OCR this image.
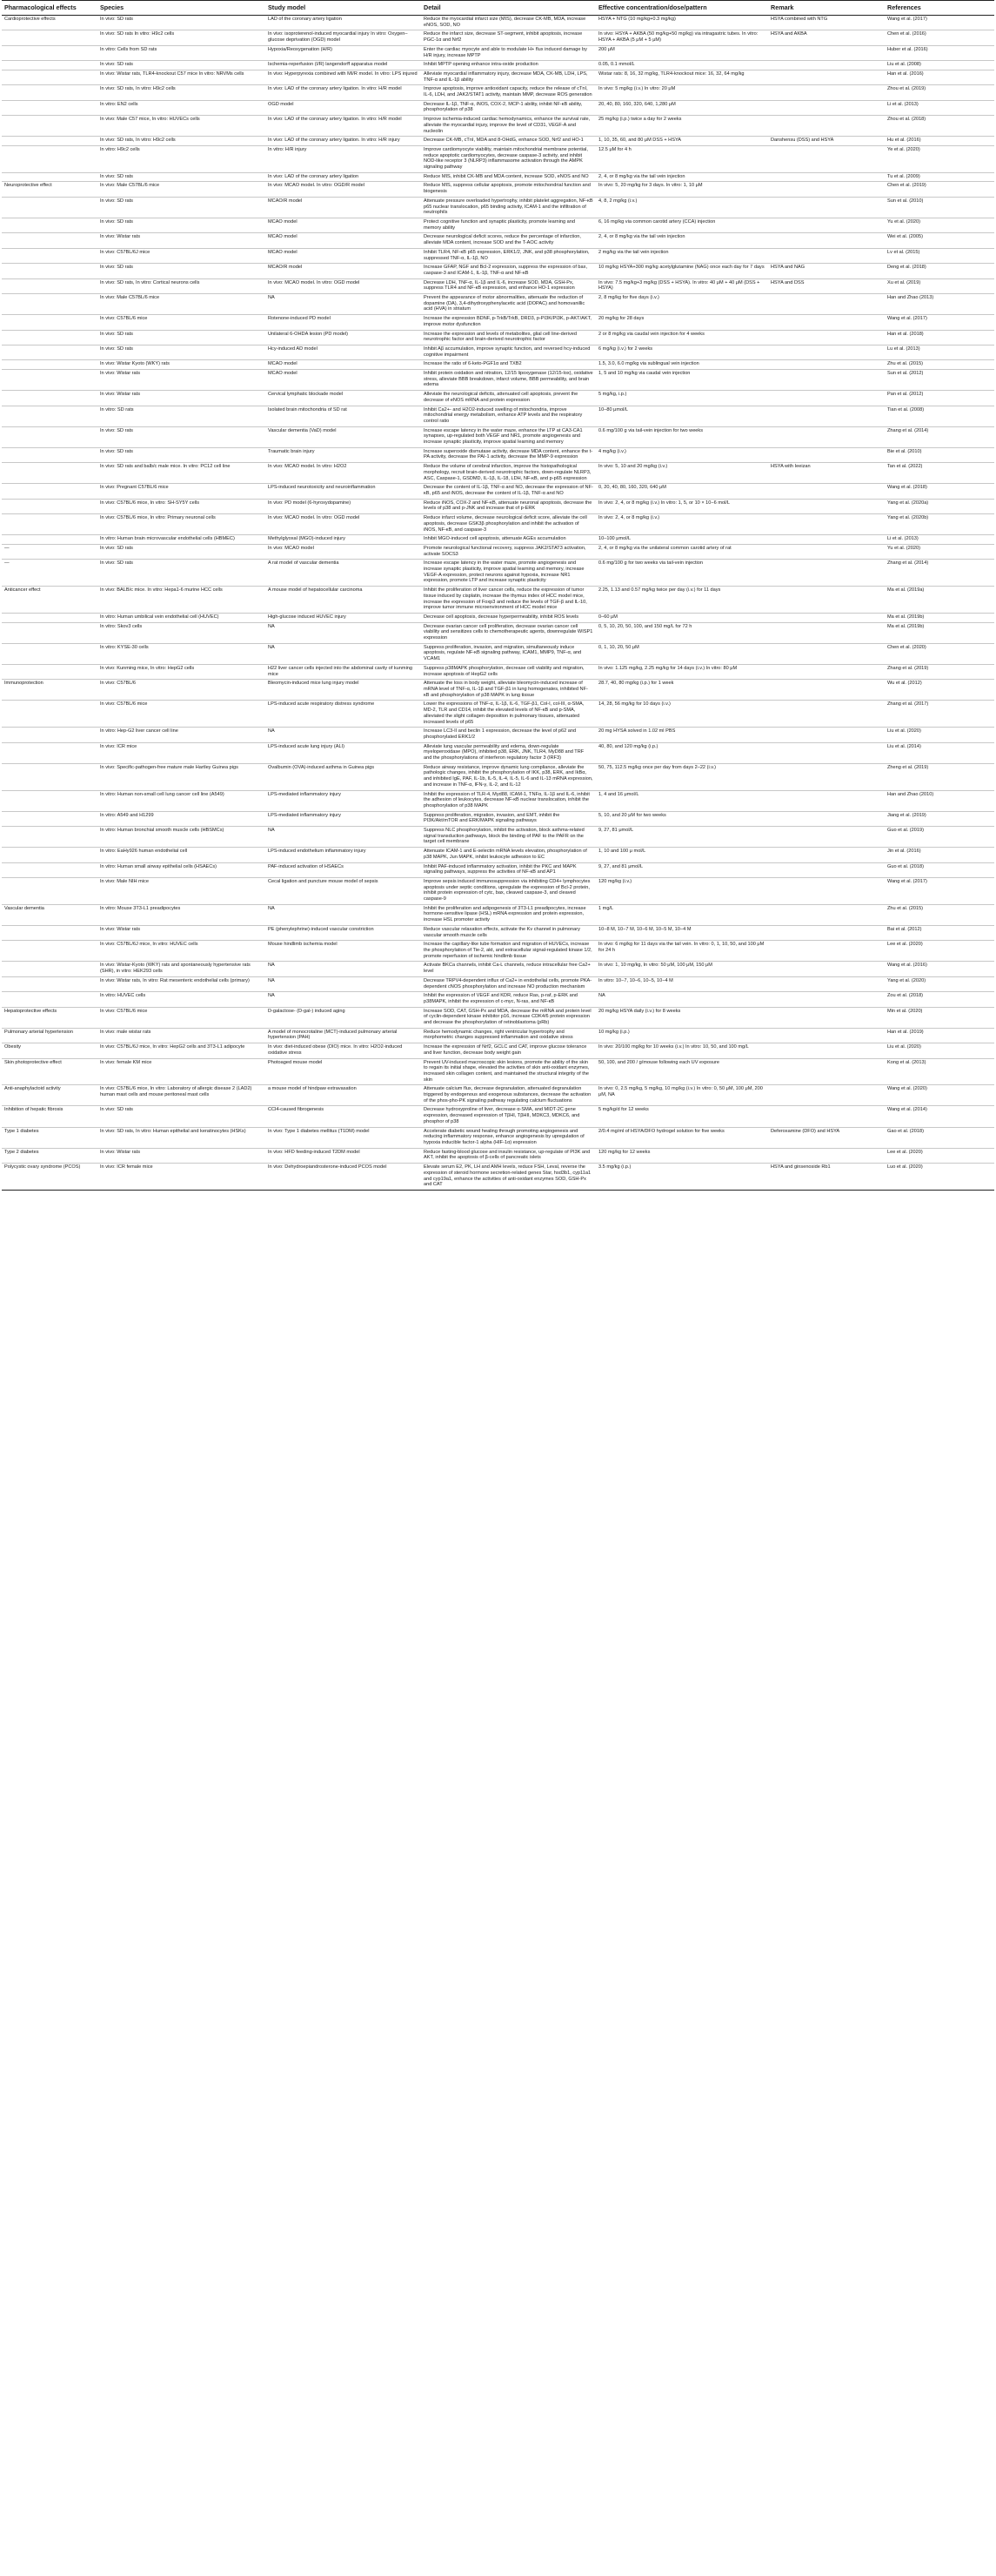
Pharmacological effects	Species	Study model	Detail	Effective concentration/dose/pattern	Remark	References
Cardioprotective effects	In vivo: SD rats	LAD of the coronary artery ligation	Reduce the myocardial infarct size (MIS), decrease CK-MB, MDA, increase eNOS, SOD, NO	HSYA + NTG (10 mg/kg+0.3 mg/kg)	HSYA combined with NTG	Wang et al. (2017)
	In vivo: SD rats In vitro: H9c2 cells	In vivo: isoproterenol-induced myocardial injury In vitro: Oxygen–glucose deprivation (OGD) model	Reduce the infarct size, decrease ST-segment, inhibit apoptosis, increase PGC-1α and Nrf2	In vivo: HSYA + AKBA (50 mg/kg+50 mg/kg) via intragastric tubes. In vitro: HSYA + AKBA (5 μM + 5 μM)	HSYA and AKBA	Chen et al. (2016)
	In vitro: Cells from SD rats	Hypoxia/Reoxygenation (H/R)	Enter the cardiac myocyte and able to modulate H+ flux induced damage by H/R injury, increase MPTP	200 μM		Huber et al. (2016)
	In vivo: SD rats	Ischemia-reperfusion (I/R) langendorff apparatus model	Inhibit MPTP opening enhance intra-oxide production	0.05, 0.1 mmol/L		Liu et al. (2008)
	In vivo: Wistar rats, TLR4-knockout C57 mice In vitro: NRVMs cells	In vivo: Hyperpyrexia combined with MI/R model. In vitro: LPS injured	Alleviate myocardial inflammatory injury, decrease MDA, CK-MB, LDH, LPS, TNF-α and IL-1β ability	Wistar rats: 8, 16, 32 mg/kg, TLR4-knockout mice: 16, 32, 64 mg/kg		Han et al. (2016)
	In vivo: SD rats, In vitro: H9c2 cells	In vivo: LAD of the coronary artery ligation. In vitro: H/R model	Improve apoptosis, improve antioxidant capacity, reduce the release of cTnI, IL-6, LDH, and JAK2/STAT1 activity, maintain MMP, decrease ROS generation	In vivo: 5 mg/kg (i.v.) In vitro: 20 μM		Zhou et al. (2019)
	In vitro: EN2 cells	OGD model	Decrease IL-1β, TNF-α, iNOS, COX-2, MCP-1 ability, inhibit NF-κB ability, phosphorylation of p38	20, 40, 80, 160, 320, 640, 1,280 μM		Li et al. (2013)
	In vivo: Male C57 mice, In vitro: HUVECs cells	In vivo: LAD of the coronary artery ligation. In vitro: H/R model	Improve ischemia-induced cardiac hemodynamics, enhance the survival rate, alleviate the myocardial injury, improve the level of CD31, VEGF-A and nucleolin	25 mg/kg (i.p.) twice a day for 2 weeks		Zhou et al. (2018)
	In vivo: SD rats, In vitro: H9c2 cells	In vivo: LAD of the coronary artery ligation. In vitro: H/R injury	Decrease CK-MB, cTnI, MDA and 8-OHdG, enhance SOD, Nrf2 and HO-1	1, 10, 35, 60, and 80 μM DSS + HSYA	Danshensu (DSS) and HSYA	Hu et al. (2016)
	In vitro: H9c2 cells	In vitro: H/R injury	Improve cardiomyocyte viability, maintain mitochondrial membrane potential, reduce apoptotic cardiomyocytes, decrease caspase-3 activity, and inhibit NOD-like receptor 3 (NLRP3) inflammasome activation through the AMPK signaling pathway	12.5 μM for 4 h		Ye et al. (2020)
	In vivo: SD rats	In vivo: LAD of the coronary artery ligation	Reduce MIS, inhibit CK-MB and MDA content, increase SOD, eNOS and NO	2, 4, or 8 mg/kg via the tail vein injection		Tu et al. (2009)
Neuroprotective effect	In vivo: Male C57BL/6 mice	In vivo: MCAO model. In vitro: OGD/R model	Reduce MIS, suppress cellular apoptosis, promote mitochondrial function and biogenesis	In vivo: 5, 20 mg/kg for 3 days. In vitro: 1, 10 μM		Chen et al. (2019)
	In vivo: SD rats	MCAO/R model	Attenuate pressure overloaded hypertrophy, inhibit platelet aggregation, NF-κB p65 nuclear translocation, p65 binding activity, ICAM-1 and the infiltration of neutrophils	4, 8, 2 mg/kg (i.v.)		Sun et al. (2010)
	In vivo: SD rats	MCAO model	Protect cognitive function and synaptic plasticity, promote learning and memory ability	6, 16 mg/kg via common carotid artery (CCA) injection		Yu et al. (2020)
	In vivo: Wistar rats	MCAO model	Decrease neurological deficit scores, reduce the percentage of infarction, alleviate MDA content, increase SOD and the T-AOC activity	2, 4, or 8 mg/kg via the tail vein injection		Wei et al. (2005)
	In vivo: C57BL/6J mice	MCAO model	Inhibit TLR4, NF-κB p65 expression, ERK1/2, JNK, and p38 phosphorylation, suppressed TNF-α, IL-1β, NO	2 mg/kg via the tail vein injection		Lv et al. (2015)
	In vivo: SD rats	MCAO/R model	Increase GFAP, NGF and Bcl-2 expression, suppress the expression of bax, caspase-3 and ICAM-1, IL-1β, TNF-α and NF-κB	10 mg/kg HSYA+300 mg/kg acetylglutamine (NAG) once each day for 7 days	HSYA and NAG	Deng et al. (2018)
	In vivo: SD rats, In vitro: Cortical neurons cells	In vivo: MCAO model. In vitro: OGD model	Decrease LDH, TNF-α, IL-1β and IL-6, increase SOD, MDA, GSH-Px, suppress TLR4 and NF-κB expression, and enhance HO-1 expression	In vivo: 7.5 mg/kg+3 mg/kg (DSS + HSYA). In vitro: 40 μM + 40 μM (DSS + HSYA)	HSYA and DSS	Xu et al. (2019)
	In vivo: Male C57BL/6 mice	NA	Prevent the appearance of motor abnormalities, attenuate the reduction of dopamine (DA), 3,4-dihydroxyphenylacetic acid (DOPAC) and homovanillic acid (HVA) in striatum	2, 8 mg/kg for five days (i.v.)		Han and Zhao (2013)
	In vivo: C57BL/6 mice	Rotenone-induced PD model	Increase the expression BDNF, p-TrkB/TrkB, DRD3, p-PI3K/PI3K, p-AKT/AKT, improve motor dysfunction	20 mg/kg for 28 days		Wang et al. (2017)
	In vivo: SD rats	Unilateral 6-OHDA lesion (PD model)	Increase the expression and levels of metabolites, glial cell line-derived neurotrophic factor and brain-derived neurotrophic factor	2 or 8 mg/kg via caudal vein injection for 4 weeks		Han et al. (2018)
	In vivo: SD rats	Hcy-induced AD model	Inhibit Aβ accumulation, improve synaptic function, and reversed hcy-induced cognitive impairment	6 mg/kg (i.v.) for 2 weeks		Lu et al. (2013)
	In vivo: Wistar Kyoto (WKY) rats	MCAO model	Increase the ratio of 6-keto-PGF1α and TXB2	1.5, 3.0, 6.0 mg/kg via sublingual vein injection		Zhu et al. (2015)
	In vivo: Wistar rats	MCAO model	Inhibit protein oxidation and nitration, 12/15 lipoxygenase (12/15-lox), oxidative stress, alleviate BBB breakdown, infarct volume, BBB permeability, and brain edema	1, 5 and 10 mg/kg via caudal vein injection		Sun et al. (2012)
	In vivo: Wistar rats	Cervical lymphatic blockade model	Alleviate the neurological deficits, attenuated cell apoptosis, prevent the decrease of eNOS mRNA and protein expression	5 mg/kg, i.p.)		Pan et al. (2012)
	In vitro: SD rats	Isolated brain mitochondria of SD rat	Inhibit Ca2+- and H2O2-induced swelling of mitochondria, improve mitochondrial energy metabolism, enhance ATP levels and the respiratory control ratio	10–80 μmol/L		Tian et al. (2008)
	In vivo: SD rats	Vascular dementia (VaD) model	Increase escape latency in the water maze, enhance the LTP at CA3-CA1 synapses, up-regulated both VEGF and NR1, promote angiogenesis and increase synaptic plasticity, improve spatial learning and memory	0.6 mg/100 g via tail-vein injection for two weeks		Zhang et al. (2014)
	In vivo: SD rats	Traumatic brain injury	Increase superoxide dismutase activity, decrease MDA content, enhance the t-PA activity, decrease the PAI-1 activity, decrease the MMP-9 expression	4 mg/kg (i.v.)		Bie et al. (2010)
	In vivo: SD rats and balb/c male mice. In vitro: PC12 cell line	In vivo: MCAO model. In vitro: H2O2	Reduce the volume of cerebral infarction, improve the histopathological morphology, recruit brain-derived neurotrophic factors, down-regulate NLRP3, ASC, Caspase-1, GSDMD, IL-1β, IL-18, LDH, NF-κB, and p-p65 expression	In vivo: 5, 10 and 20 mg/kg (i.v.)	HSYA with Ieeizan	Tan et al. (2022)
	In vivo: Pregnant C57BL/6 mice	LPS-induced neurotoxicity and neuroinflammation	Decrease the content of IL-1β, TNF-α and NO, decrease the expression of NF-κB, p65 and iNOS, decrease the content of IL-1β, TNF-α and NO	0, 20, 40, 80, 160, 320, 640 μM		Wang et al. (2018)
	In vivo: C57BL/6 mice, In vitro: SH-SY5Y cells	In vivo: PD model (6-hyroxydopamine)	Reduce iNOS, COX-2 and NF-κB, attenuate neuronal apoptosis, decrease the levels of p38 and p-JNK and increase that of p-ERK	In vivo: 2, 4, or 8 mg/kg (i.v.) In vitro: 1, 5, or 10 × 10−6 mol/L		Yang et al. (2020a)
	In vivo: C57BL/6 mice, In vitro: Primary neuronal cells	In vivo: MCAO model. In vitro: OGD model	Reduce infarct volume, decrease neurological deficit score, alleviate the cell apoptosis, decrease GSK3β phosphorylation and inhibit the activation of iNOS, NF-κB, and caspase-3	In vivo: 2, 4, or 8 mg/kg (i.v.)		Yang et al. (2020b)
	In vitro: Human brain microvascular endothelial cells (HBMEC)	Methylglyoxal (MGO)-induced injury	Inhibit MGO-induced cell apoptosis, attenuate AGEs accumulation	10–100 μmol/L		Li et al. (2013)
—	In vivo: SD rats	In vivo: MCAO model	Promote neurological functional recovery, suppress JAK2/STAT3 activation, activate SOCS3	2, 4, or 8 mg/kg via the unilateral common carotid artery of rat		Yu et al. (2020)
—	In vivo: SD rats	A rat model of vascular dementia	Increase escape latency in the water maze, promote angiogenesis and increase synaptic plasticity, improve spatial learning and memory, increase VEGF-A expression, protect neurons against hypoxia, increase NR1 expression, promote LTP and increase synaptic plasticity	0.6 mg/100 g for two weeks via tail-vein injection		Zhang et al. (2014)
Anticancer effect	In vivo: BALB/c mice. In vitro: Hepa1-6 murine HCC cells	A mouse model of hepatocellular carcinoma	Inhibit the proliferation of liver cancer cells, reduce the expression of tumor tissue induced by cisplatin, increase the thymus index of HCC model mice, increase the expression of Foxp3 and reduce the levels of TGF-β and IL-10, improve tumor immune microenvironment of HCC model mice	2.25, 1.13 and 0.57 mg/kg twice per day (i.v.) for 11 days		Ma et al. (2019a)
	In vitro: Human umbilical vein endothelial cell (HUVEC)	High-glucose induced HUVEC injury	Decrease cell apoptosis, decrease hyperpermeability, inhibit ROS levels	0–60 μM		Ma et al. (2019b)
	In vitro: Skov3 cells	NA	Decrease ovarian cancer cell proliferation, decrease ovarian cancer cell viability and sensitizes cells to chemotherapeutic agents, downregulate WISP1 expression	0, 5, 10, 20, 50, 100, and 150 mg/L for 72 h		Ma et al. (2019b)
	In vitro: KYSE-30 cells	NA	Suppress proliferation, invasion, and migration, simultaneously induce apoptosis, regulate NF-κB signaling pathway, ICAM1, MMP9, TNF-α, and VCAM1	0, 1, 10, 20, 50 μM		Chen et al. (2020)
	In vivo: Kunming mice, In vitro: HepG2 cells	H22 liver cancer cells injected into the abdominal cavity of kunming mice	Suppress p38MAPK phosphorylation, decrease cell viability and migration, increase apoptosis of HepG2 cells	In vivo: 1.125 mg/kg, 2.25 mg/kg for 14 days (i.v.) In vitro: 80 μM		Zhang et al. (2019)
Immunoprotection	In vivo: C57BL/6	Bleomycin-induced mice lung injury model	Attenuate the loss in body weight, alleviate bleomycin-induced increase of mRNA level of TNF-α, IL-1β and TGF-β1 in lung homogenates, inhibited NF-κB and phosphorylation of p38 MAPK in lung tissue	28.7, 40, 80 mg/kg (i.p.) for 1 week		Wu et al. (2012)
	In vivo: C57BL/6 mice	LPS-induced acute respiratory distress syndrome	Lower the expressions of TNF-α, IL-1β, IL-6, TGF-β1, Col-I, col-III, α-SMA, MD-2, TLR and CD14, inhibit the elevated levels of NF-κB and p-SMA, alleviated the slight collagen deposition in pulmonary tissues, attenuated increased levels of p65	14, 28, 56 mg/kg for 10 days (i.v.)		Zhang et al. (2017)
	In vitro: Hep-G2 liver cancer cell line	NA	Increase LC3-II and beclin 1 expression, decrease the level of p62 and phosphorylated ERK1/2	20 mg HYSA solved in 1.02 ml PBS		Liu et al. (2020)
	In vivo: ICR mice	LPS-induced acute lung injury (ALI)	Alleviate lung vascular permeability and edema, down-regulate myeloperoxidase (MPO), inhibited p38, ERK, JNK, TLR4, MyD88 and TRF and the phosphorylations of interferon regulatory factor 3 (IRF3)	40, 80, and 120 mg/kg (i.p.)		Liu et al. (2014)
	In vivo: Specific-pathogen-free mature male Hartley Guinea pigs	Ovalbumin (OVA)-induced asthma in Guinea pigs	Reduce airway resistance, improve dynamic lung compliance, alleviate the pathologic changes, inhibit the phosphorylation of IKK, p38, ERK, and IkBα, and inhibited IgE, PAF, IL-1b, IL-5, IL-4, IL-5, IL-6 and IL-13 mRNA expression, and increase in TNF-α, IFN-γ, IL-2, and IL-12	50, 75, 112.5 mg/kg once per day from days 2–22 (i.v.)		Zheng et al. (2019)
	In vitro: Human non-small cell lung cancer cell line (A549)	LPS-mediated inflammatory injury	Inhibit the expression of TLR-4, Myd88, ICAM-1, TNFα, IL-1β and IL-6, inhibit the adhesion of leukocytes, decrease NF-κB nuclear translocation, inhibit the phosphorylation of p38 MAPK	1, 4 and 16 μmol/L		Han and Zhao (2010)
	In vitro: A549 and H1299	LPS-mediated inflammatory injury	Suppress proliferation, migration, invasion, and EMT, inhibit the PI3K/Akt/mTOR and ERK/MAPK signaling pathways	5, 10, and 20 μM for two weeks		Jiang et al. (2019)
	In vitro: Human bronchial smooth muscle cells (HBSMCs)	NA	Suppress NLC phosphorylation, inhibit the activation, block asthma-related signal transduction pathways, block the binding of PAF to the PAFR on the target cell membrane	9, 27, 81 μmol/L		Guo et al. (2019)
	In vitro: EaHy926 human endothelial cell	LPS-induced endothelium inflammatory injury	Attenuate ICAM-1 and E-selectin mRNA levels elevation, phosphorylation of p38 MAPK, Jun MAPK, inhibit leukocyte adhesion to EC	1, 10 and 100 μ mol/L		Jin et al. (2016)
	In vitro: Human small airway epithelial cells (HSAECs)	PAF-induced activation of HSAECs	Inhibit PAF-induced inflammatory activation, inhibit the PKC and MAPK signaling pathways, suppress the activities of NF-κB and AP1	9, 27, and 81 μmol/L		Guo et al. (2018)
	In vivo: Male NIH mice	Cecal ligation and puncture mouse model of sepsis	Improve sepsis induced immunosuppression via inhibiting CD4+ lymphocytes apoptosis under septic conditions, upregulate the expression of Bcl-2 protein, inhibit protein expression of cytc, bax, cleaved caspase-3, and cleaved caspase-9	120 mg/kg (i.v.)		Wang et al. (2017)
Vascular dementia	In vitro: Mouse 3T3-L1 preadipocytes	NA	Inhibit the proliferation and adipogenesis of 3T3-L1 preadipocytes, increase hormone-sensitive lipase (HSL) mRNA expression and protein expression, increase HSL promoter activity	1 mg/L		Zhu et al. (2015)
	In vivo: Wistar rats	PE (phenylephrine)-induced vascular constriction	Reduce vascular relaxation effects, activate the Kv channel in pulmonary vascular smooth muscle cells	10−8 M, 10−7 M, 10−6 M, 10−5 M, 10−4 M		Bai et al. (2012)
	In vivo: C57BL/6J mice, In vitro: HUVEC cells	Mouse hindlimb ischemia model	Increase the capillary-like tube formation and migration of HUVECs, increase the phosphorylation of Tie-2, akt, and extracellular signal-regulated kinase 1/2, promote reperfusion of ischemic hindlimb tissue	In vivo: 6 mg/kg for 11 days via the tail vein. In vitro: 0, 1, 10, 50, and 100 μM for 24 h		Lee et al. (2020)
	In vivo: Wistar-Kyoto (WKY) rats and spontaneously hypertensive rats (SHR), in vitro: HEK293 cells	NA	Activate BKCa channels, inhibit Ca-L channels, reduce intracellular free Ca2+ level	In vivo: 1, 10 mg/kg, In vitro: 50 μM, 100 μM, 150 μM		Wang et al. (2016)
	In vivo: Wistar rats, In vitro: Rat mesenteric endothelial cells (primary)	NA	Decrease TRPV4-dependent influx of Ca2+ in endothelial cells, promote PKA-dependent cNOS phosphorylation and increase NO production mechanism	In vitro: 10−7, 10−6, 10−5, 10−4 M		Yang et al. (2020)
	In vitro: HUVEC cells	NA	Inhibit the expression of VEGF and KDR, reduce Ras, p-raf, p-ERK and p38MAPK, inhibit the expression of c-myc, N-ras, and NF-κB	NA		Zou et al. (2018)
Hepatoprotective effects	In vivo: C57BL/6 mice	D-galactose- (D-gal-) induced aging	Increase SOD, CAT, GSH-Px and MDA, decrease the mRNA and protein level of cyclin-dependent kinase inhibitor p16, increase CDK4/6 protein expression and decrease the phosphorylation of retinoblastoma (pRb)	20 mg/kg HSYA daily (i.v.) for 8 weeks		Min et al. (2020)
Pulmonary arterial hypertension	In vivo: male wistar rats	A model of monocrotaline (MCT)-induced pulmonary arterial hypertension (PAH)	Reduce hemodynamic changes, right ventricular hypertrophy and morphometric changes suppressed inflammation and oxidative stress	10 mg/kg (i.p.)		Han et al. (2019)
Obesity	In vivo: C57BL/6J mice, In vitro: HepG2 cells and 3T3-L1 adipocyte	In vivo: diet-induced obese (DIO) mice. In vitro: H2O2-induced oxidative stress	Increase the expression of Nrf2, GCLC and CAT, improve glucose tolerance and liver function, decrease body weight gain	In vivo: 20/100 mg/kg for 10 weeks (i.v.) In vitro: 10, 50, and 100 mg/L		Liu et al. (2020)
Skin photoprotective effect	In vivo: female KM mice	Photoaged mouse model	Prevent UV-induced macroscopic skin lesions, promote the ability of the skin to regain its initial shape, elevated the activities of skin anti-oxidant enzymes, increased skin collagen content, and maintained the structural integrity of the skin	50, 100, and 200 / g/mouse following each UV exposure		Kong et al. (2013)
Anti-anaphylactoid activity	In vivo: C57BL/6 mice, In vitro: Laboratory of allergic disease 2 (LAD2) human mast cells and mouse peritoneal mast cells	a mouse model of hindpaw extravasation	Attenuate calcium flux, decrease degranulation, attenuated degranulation triggered by endogenous and exogenous substances, decrease the activation of the phos-pho-PK signaling pathway regulating calcium fluctuations	In vivo: 0, 2.5 mg/kg, 5 mg/kg, 10 mg/kg (i.v.) In vitro: 0, 50 μM, 100 μM, 200 μM, NA		Wang et al. (2020)
Inhibition of hepatic fibrosis	In vivo: SD rats	CCl4-caused fibrogenesis	Decrease hydroxyproline of liver, decrease α-SMA, and MIDT-2C gene expression, decreased expression of TβHI, TβHII, MDKC3, MDKC6, and phosphor of p38	5 mg/kg/d for 12 weeks		Wang et al. (2014)
Type 1 diabetes	In vivo: SD rats, In vitro: Human epithelial and keratinocytes (HSKs)	In vivo: Type 1 diabetes mellitus (T1DM) model	Accelerate diabetic wound healing through promoting angiogenesis and reducing inflammatory response, enhance angiogenesis by upregulation of hypoxia inducible factor-1 alpha (HIF-1α) expression	2/0.4 mg/ml of HSYA/DFO hydrogel solution for five weeks	Deferoxamine (DFO) and HSYA	Gao et al. (2018)
Type 2 diabetes	In vivo: Wistar rats	In vivo: HFD feeding-induced T2DM model	Reduce fasting-blood glucose and insulin resistance, up-regulate of PI3K and AKT, inhibit the apoptosis of β-cells of pancreatic islets	120 mg/kg for 12 weeks		Lee et al. (2020)
Polycystic ovary syndrome (PCOS)	In vivo: ICR female mice	In vivo: Dehydroepiandrosterone-induced PCOS model	Elevate serum E2, PK, LH and AMH levels, reduce FSH, Leval, reverse the expression of steroid hormone secretion-related genes Star, hsd3b1, cyp11a1 and cyp19a1, enhance the activities of anti-oxidant enzymes SOD, GSH-Px and CAT	3.5 mg/kg (i.p.)	HSYA and ginsenoside Rb1	Luo et al. (2020)
